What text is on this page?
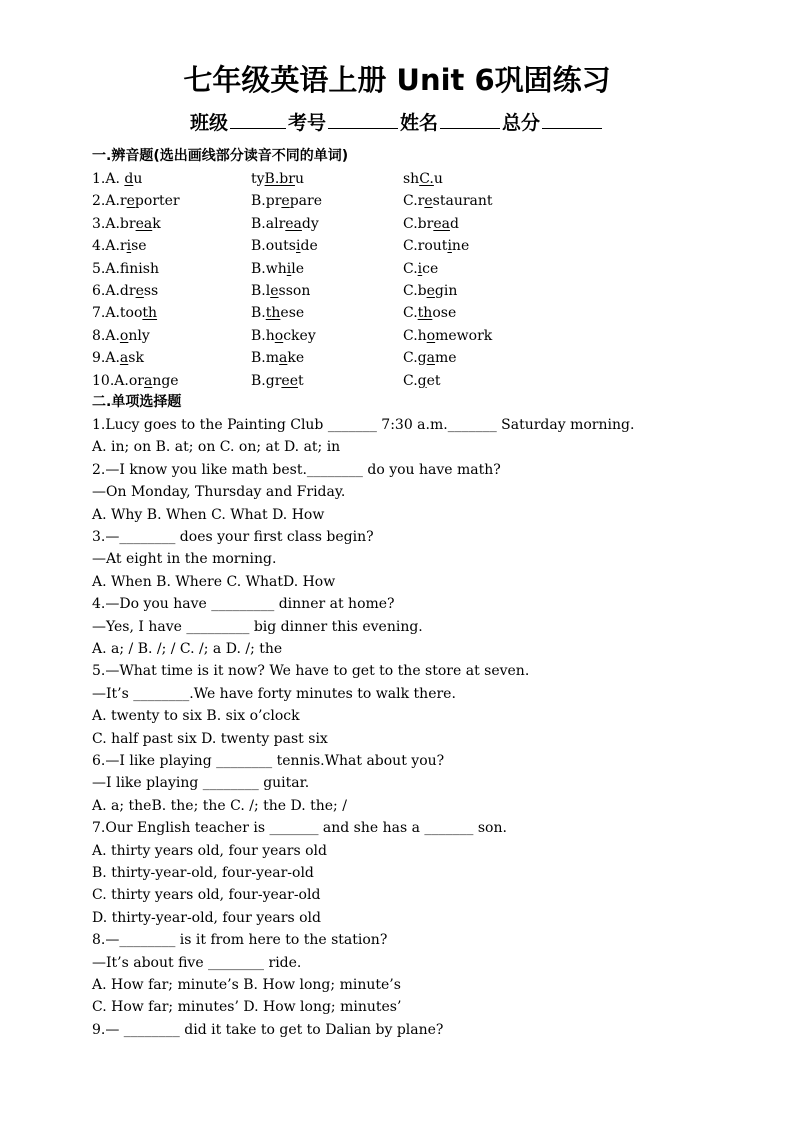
七年级英语上册 Unit 6巩固练习
班级	考号	姓名	总分
一.辨音题(选出画线部分读音不同的单词)
1.A. du	tyB.bru	shC.u
2.A.reporter	B.prepare	C.restaurant
3.A.break	B.already	C.bread
4.A.rise	B.outside	C.routine
5.A.fnish	B.while	C.ice
6.A.dress	B.lesson	C.begin
7.A.tooth	B.these	C.those
8.A.only	B.hockey	C.homework
9.A.ask	B.make	C.game
10.A.orange	B.greet	C.get
二.单项选择题
1.Lucy goes to the Painting Club _______ 7:30 a.m._______ Saturday morning.
A. in; on B. at; on C. on; at D. at; in
2.—I know you like math best.________ do you have math?
—On Monday, Thursday and Friday.
A. Why B. When C. What D. How
3.—________ does your first class begin?
—At eight in the morning.
A. When B. Where C. WhatD. How
4.—Do you have _________ dinner at home?
—Yes, I have _________ big dinner this evening.
A. a; / B. /; / C. /; a D. /; the
5.—What time is it now? We have to get to the store at seven.
—It’s ________.We have forty minutes to walk there.
A. twenty to six B. six o’clock
C. half past six D. twenty past six
6.—I like playing ________ tennis.What about you?
—I like playing ________ guitar.
A. a; theB. the; the C. /; the D. the; /
7.Our English teacher is _______ and she has a _______ son.
A. thirty years old, four years old
B. thirty-year-old, four-year-old
C. thirty years old, four-year-old
D. thirty-year-old, four years old
8.—________ is it from here to the station?
—It’s about five ________ ride.
A. How far; minute’s B. How long; minute’s
C. How far; minutes’ D. How long; minutes’
9.— ________ did it take to get to Dalian by plane?
